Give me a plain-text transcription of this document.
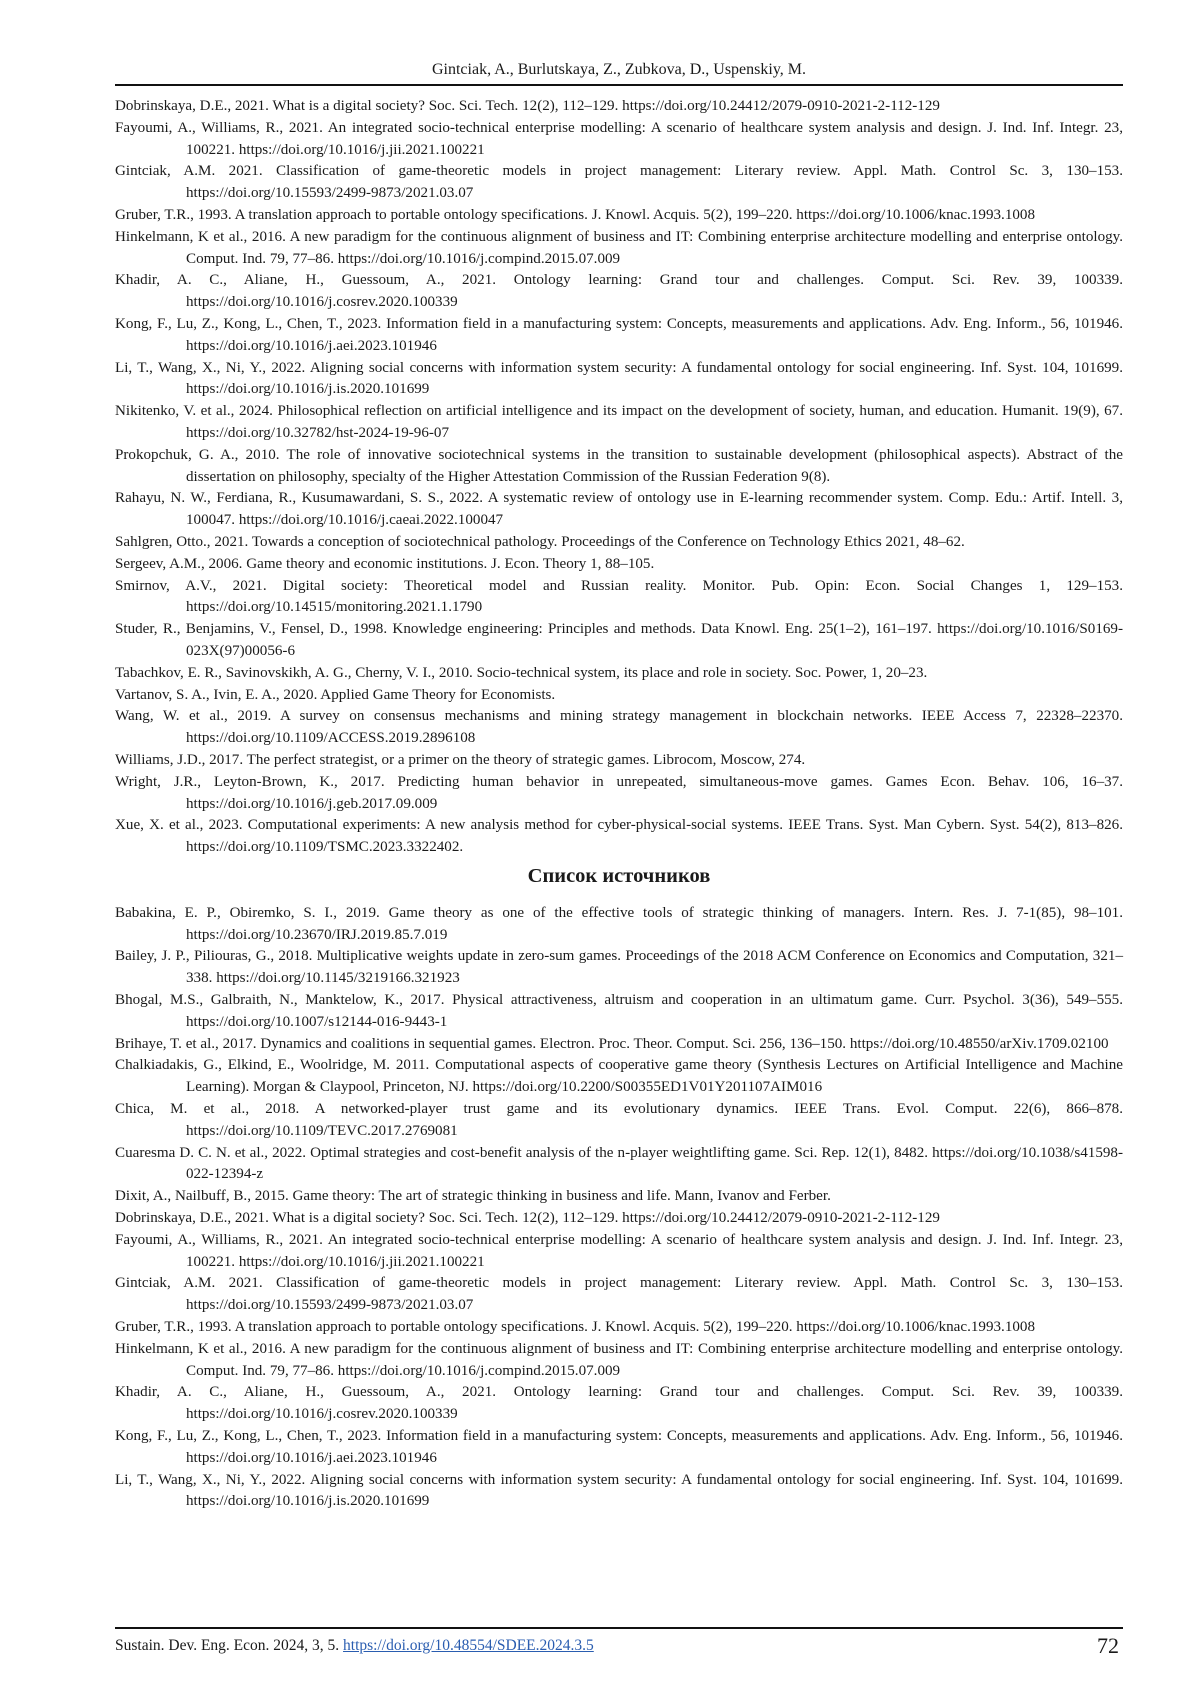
Gintciak, A., Burlutskaya, Z., Zubkova, D., Uspenskiy, M.

Dobrinskaya, D.E., 2021. What is a digital society? Soc. Sci. Tech. 12(2), 112–129. https://doi.org/10.24412/2079-0910-2021-2-112-129

Fayoumi, A., Williams, R., 2021. An integrated socio-technical enterprise modelling: A scenario of healthcare system analysis and design. J. Ind. Inf. Integr. 23, 100221. https://doi.org/10.1016/j.jii.2021.100221

Gintciak, A.M. 2021. Classification of game-theoretic models in project management: Literary review. Appl. Math. Control Sc. 3, 130–153. https://doi.org/10.15593/2499-9873/2021.03.07

Gruber, T.R., 1993. A translation approach to portable ontology specifications. J. Knowl. Acquis. 5(2), 199–220. https://doi.org/10.1006/knac.1993.1008

Hinkelmann, K et al., 2016. A new paradigm for the continuous alignment of business and IT: Combining enterprise architecture modelling and enterprise ontology. Comput. Ind. 79, 77–86. https://doi.org/10.1016/j.compind.2015.07.009

Khadir, A. C., Aliane, H., Guessoum, A., 2021. Ontology learning: Grand tour and challenges. Comput. Sci. Rev. 39, 100339. https://doi.org/10.1016/j.cosrev.2020.100339

Kong, F., Lu, Z., Kong, L., Chen, T., 2023. Information field in a manufacturing system: Concepts, measurements and applications. Adv. Eng. Inform., 56, 101946. https://doi.org/10.1016/j.aei.2023.101946

Li, T., Wang, X., Ni, Y., 2022. Aligning social concerns with information system security: A fundamental ontology for social engineering. Inf. Syst. 104, 101699. https://doi.org/10.1016/j.is.2020.101699

Nikitenko, V. et al., 2024. Philosophical reflection on artificial intelligence and its impact on the development of society, human, and education. Humanit. 19(9), 67. https://doi.org/10.32782/hst-2024-19-96-07

Prokopchuk, G. A., 2010. The role of innovative sociotechnical systems in the transition to sustainable development (philosophical aspects). Abstract of the dissertation on philosophy, specialty of the Higher Attestation Commission of the Russian Federation 9(8).

Rahayu, N. W., Ferdiana, R., Kusumawardani, S. S., 2022. A systematic review of ontology use in E-learning recommender system. Comp. Edu.: Artif. Intell. 3, 100047. https://doi.org/10.1016/j.caeai.2022.100047

Sahlgren, Otto., 2021. Towards a conception of sociotechnical pathology. Proceedings of the Conference on Technology Ethics 2021, 48–62.

Sergeev, A.M., 2006. Game theory and economic institutions. J. Econ. Theory 1, 88–105.

Smirnov, A.V., 2021. Digital society: Theoretical model and Russian reality. Monitor. Pub. Opin: Econ. Social Changes 1, 129–153. https://doi.org/10.14515/monitoring.2021.1.1790

Studer, R., Benjamins, V., Fensel, D., 1998. Knowledge engineering: Principles and methods. Data Knowl. Eng. 25(1–2), 161–197. https://doi.org/10.1016/S0169-023X(97)00056-6

Tabachkov, E. R., Savinovskikh, A. G., Cherny, V. I., 2010. Socio-technical system, its place and role in society. Soc. Power, 1, 20–23.

Vartanov, S. A., Ivin, E. A., 2020. Applied Game Theory for Economists.

Wang, W. et al., 2019. A survey on consensus mechanisms and mining strategy management in blockchain networks. IEEE Access 7, 22328–22370. https://doi.org/10.1109/ACCESS.2019.2896108

Williams, J.D., 2017. The perfect strategist, or a primer on the theory of strategic games. Librocom, Moscow, 274.

Wright, J.R., Leyton-Brown, K., 2017. Predicting human behavior in unrepeated, simultaneous-move games. Games Econ. Behav. 106, 16–37. https://doi.org/10.1016/j.geb.2017.09.009

Xue, X. et al., 2023. Computational experiments: A new analysis method for cyber-physical-social systems. IEEE Trans. Syst. Man Cybern. Syst. 54(2), 813–826. https://doi.org/10.1109/TSMC.2023.3322402.

Список источников

Babakina, E. P., Obiremko, S. I., 2019. Game theory as one of the effective tools of strategic thinking of managers. Intern. Res. J. 7-1(85), 98–101. https://doi.org/10.23670/IRJ.2019.85.7.019

Bailey, J. P., Piliouras, G., 2018. Multiplicative weights update in zero-sum games. Proceedings of the 2018 ACM Conference on Economics and Computation, 321–338. https://doi.org/10.1145/3219166.321923

Bhogal, M.S., Galbraith, N., Manktelow, K., 2017. Physical attractiveness, altruism and cooperation in an ultimatum game. Curr. Psychol. 3(36), 549–555. https://doi.org/10.1007/s12144-016-9443-1

Brihaye, T. et al., 2017. Dynamics and coalitions in sequential games. Electron. Proc. Theor. Comput. Sci. 256, 136–150. https://doi.org/10.48550/arXiv.1709.02100

Chalkiadakis, G., Elkind, E., Woolridge, M. 2011. Computational aspects of cooperative game theory (Synthesis Lectures on Artificial Intelligence and Machine Learning). Morgan & Claypool, Princeton, NJ. https://doi.org/10.2200/S00355ED1V01Y201107AIM016

Chica, M. et al., 2018. A networked-player trust game and its evolutionary dynamics. IEEE Trans. Evol. Comput. 22(6), 866–878. https://doi.org/10.1109/TEVC.2017.2769081

Cuaresma D. C. N. et al., 2022. Optimal strategies and cost-benefit analysis of the n-player weightlifting game. Sci. Rep. 12(1), 8482. https://doi.org/10.1038/s41598-022-12394-z

Dixit, A., Nailbuff, B., 2015. Game theory: The art of strategic thinking in business and life. Mann, Ivanov and Ferber.

Dobrinskaya, D.E., 2021. What is a digital society? Soc. Sci. Tech. 12(2), 112–129. https://doi.org/10.24412/2079-0910-2021-2-112-129

Fayoumi, A., Williams, R., 2021. An integrated socio-technical enterprise modelling: A scenario of healthcare system analysis and design. J. Ind. Inf. Integr. 23, 100221. https://doi.org/10.1016/j.jii.2021.100221

Gintciak, A.M. 2021. Classification of game-theoretic models in project management: Literary review. Appl. Math. Control Sc. 3, 130–153. https://doi.org/10.15593/2499-9873/2021.03.07

Gruber, T.R., 1993. A translation approach to portable ontology specifications. J. Knowl. Acquis. 5(2), 199–220. https://doi.org/10.1006/knac.1993.1008

Hinkelmann, K et al., 2016. A new paradigm for the continuous alignment of business and IT: Combining enterprise architecture modelling and enterprise ontology. Comput. Ind. 79, 77–86. https://doi.org/10.1016/j.compind.2015.07.009

Khadir, A. C., Aliane, H., Guessoum, A., 2021. Ontology learning: Grand tour and challenges. Comput. Sci. Rev. 39, 100339. https://doi.org/10.1016/j.cosrev.2020.100339

Kong, F., Lu, Z., Kong, L., Chen, T., 2023. Information field in a manufacturing system: Concepts, measurements and applications. Adv. Eng. Inform., 56, 101946. https://doi.org/10.1016/j.aei.2023.101946

Li, T., Wang, X., Ni, Y., 2022. Aligning social concerns with information system security: A fundamental ontology for social engineering. Inf. Syst. 104, 101699. https://doi.org/10.1016/j.is.2020.101699

Sustain. Dev. Eng. Econ. 2024, 3, 5. https://doi.org/10.48554/SDEE.2024.3.5	72
